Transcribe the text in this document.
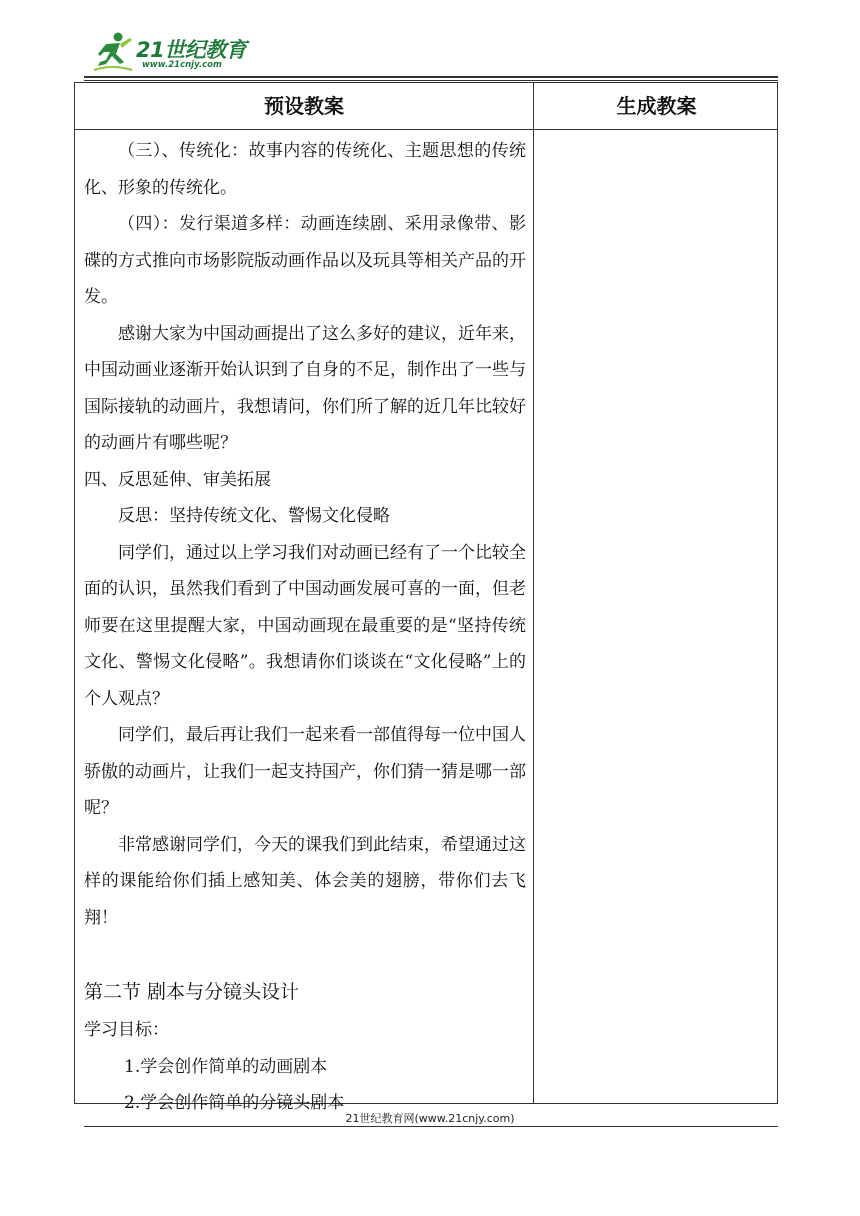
21世纪教育
www.21cnjy.com
预设教案	生成教案

（三）、传统化：故事内容的传统化、主题思想的传统化、形象的传统化。

（四）：发行渠道多样：动画连续剧、采用录像带、影碟的方式推向市场影院版动画作品以及玩具等相关产品的开发。

感谢大家为中国动画提出了这么多好的建议，近年来，中国动画业逐渐开始认识到了自身的不足，制作出了一些与国际接轨的动画片，我想请问，你们所了解的近几年比较好的动画片有哪些呢？

四、反思延伸、审美拓展

反思：坚持传统文化、警惕文化侵略

同学们，通过以上学习我们对动画已经有了一个比较全面的认识，虽然我们看到了中国动画发展可喜的一面，但老师要在这里提醒大家，中国动画现在最重要的是“坚持传统文化、警惕文化侵略”。我想请你们谈谈在“文化侵略”上的个人观点？

同学们，最后再让我们一起来看一部值得每一位中国人骄傲的动画片，让我们一起支持国产，你们猜一猜是哪一部呢？

非常感谢同学们，今天的课我们到此结束，希望通过这样的课能给你们插上感知美、体会美的翅膀，带你们去飞翔！

第二节 剧本与分镜头设计

学习目标：

1.学会创作简单的动画剧本

2.学会创作简单的分镜头剧本

21世纪教育网(www.21cnjy.com)
